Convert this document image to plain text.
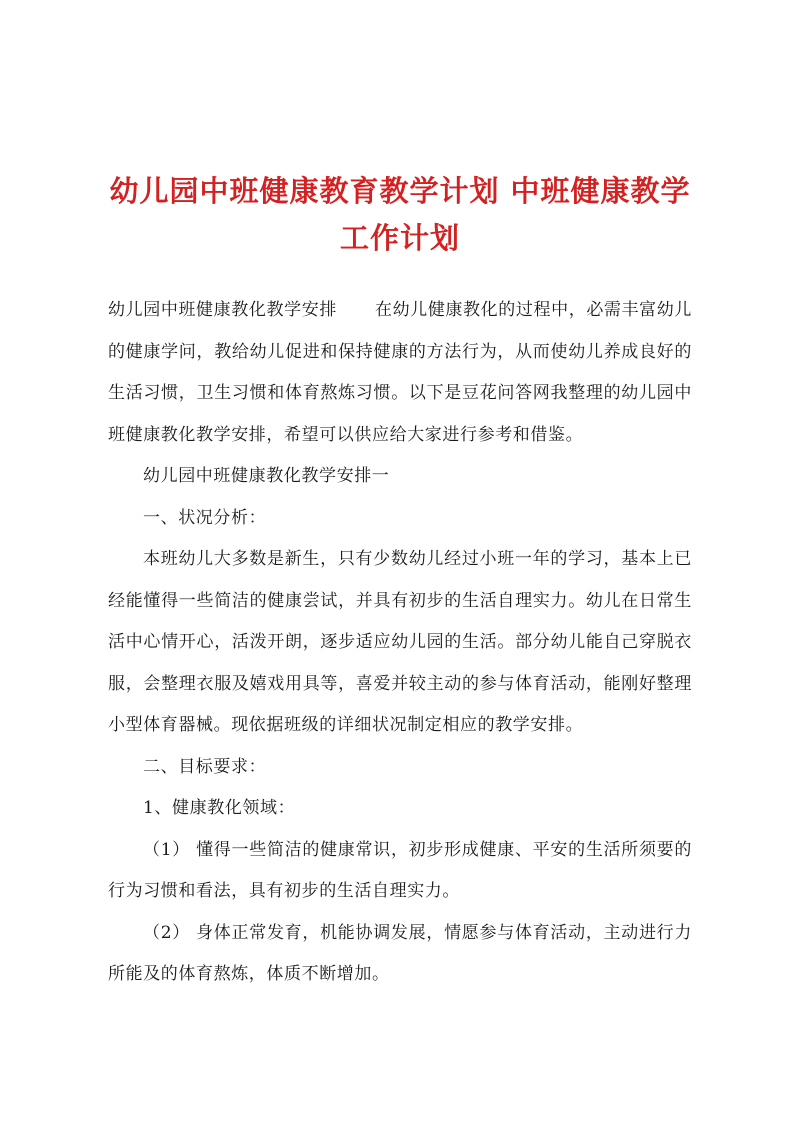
幼儿园中班健康教育教学计划 中班健康教学
工作计划

幼儿园中班健康教化教学安排 在幼儿健康教化的过程中，必需丰富幼儿的健康学问，教给幼儿促进和保持健康的方法行为，从而使幼儿养成良好的生活习惯，卫生习惯和体育熬炼习惯。以下是豆花问答网我整理的幼儿园中班健康教化教学安排，希望可以供应给大家进行参考和借鉴。

幼儿园中班健康教化教学安排一

一、状况分析：

本班幼儿大多数是新生，只有少数幼儿经过小班一年的学习，基本上已经能懂得一些简洁的健康尝试，并具有初步的生活自理实力。幼儿在日常生活中心情开心，活泼开朗，逐步适应幼儿园的生活。部分幼儿能自己穿脱衣服，会整理衣服及嬉戏用具等，喜爱并较主动的参与体育活动，能刚好整理小型体育器械。现依据班级的详细状况制定相应的教学安排。

二、目标要求：

1、健康教化领域：

（1） 懂得一些简洁的健康常识，初步形成健康、平安的生活所须要的行为习惯和看法，具有初步的生活自理实力。

（2） 身体正常发育，机能协调发展，情愿参与体育活动，主动进行力所能及的体育熬炼，体质不断增加。
